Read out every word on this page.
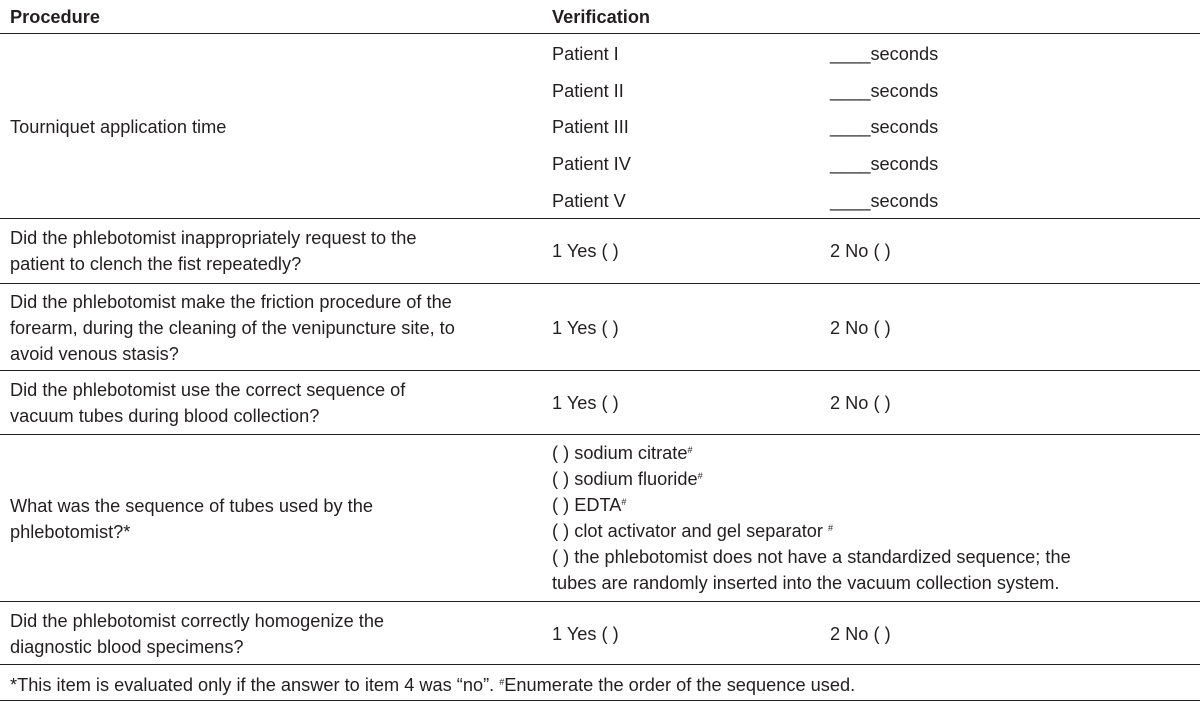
Procedure	Verification
Tourniquet application time
Patient I	____seconds
Patient II	____seconds
Patient III	____seconds
Patient IV	____seconds
Patient V	____seconds
Did the phlebotomist inappropriately request to the
patient to clench the fist repeatedly?
1 Yes ( )	2 No ( )
Did the phlebotomist make the friction procedure of the
forearm, during the cleaning of the venipuncture site, to
avoid venous stasis?
1 Yes ( )	2 No ( )
Did the phlebotomist use the correct sequence of
vacuum tubes during blood collection?
1 Yes ( )	2 No ( )
What was the sequence of tubes used by the
phlebotomist?*
( ) sodium citrate#
( ) sodium fluoride#
( ) EDTA#
( ) clot activator and gel separator #
( ) the phlebotomist does not have a standardized sequence; the
tubes are randomly inserted into the vacuum collection system.
Did the phlebotomist correctly homogenize the
diagnostic blood specimens?
1 Yes ( )	2 No ( )
*This item is evaluated only if the answer to item 4 was “no”. #Enumerate the order of the sequence used.
